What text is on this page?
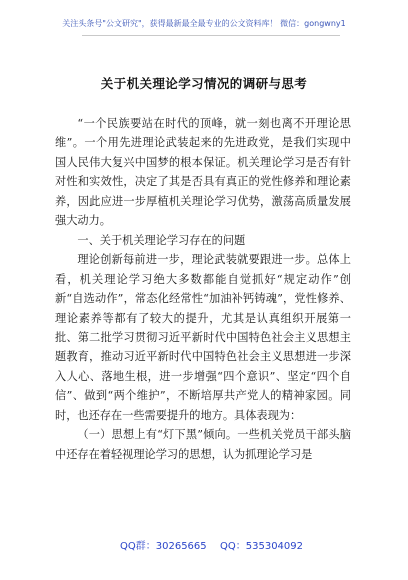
关注头条号"公文研究"，获得最新最全最专业的公文资料库！ 微信：gongwny1
关于机关理论学习情况的调研与思考

“一个民族要站在时代的顶峰，就一刻也离不开理论思维”。一个用先进理论武装起来的先进政党，是我们实现中国人民伟大复兴中国梦的根本保证。机关理论学习是否有针对性和实效性，决定了其是否具有真正的党性修养和理论素养，因此应进一步厚植机关理论学习优势，激荡高质量发展强大动力。

一、关于机关理论学习存在的问题

理论创新每前进一步，理论武装就要跟进一步。总体上看，机关理论学习绝大多数都能自觉抓好“规定动作”创新“自选动作”，常态化经常性“加油补钙铸魂”，党性修养、理论素养等都有了较大的提升，尤其是认真组织开展第一批、第二批学习贯彻习近平新时代中国特色社会主义思想主题教育，推动习近平新时代中国特色社会主义思想进一步深入人心、落地生根，进一步增强“四个意识”、坚定“四个自信”、做到“两个维护”，不断培厚共产党人的精神家园。同时，也还存在一些需要提升的地方。具体表现为：

（一）思想上有“灯下黑”倾向。一些机关党员干部头脑中还存在着轻视理论学习的思想，认为抓理论学习是

QQ群：30265665 QQ：535304092
